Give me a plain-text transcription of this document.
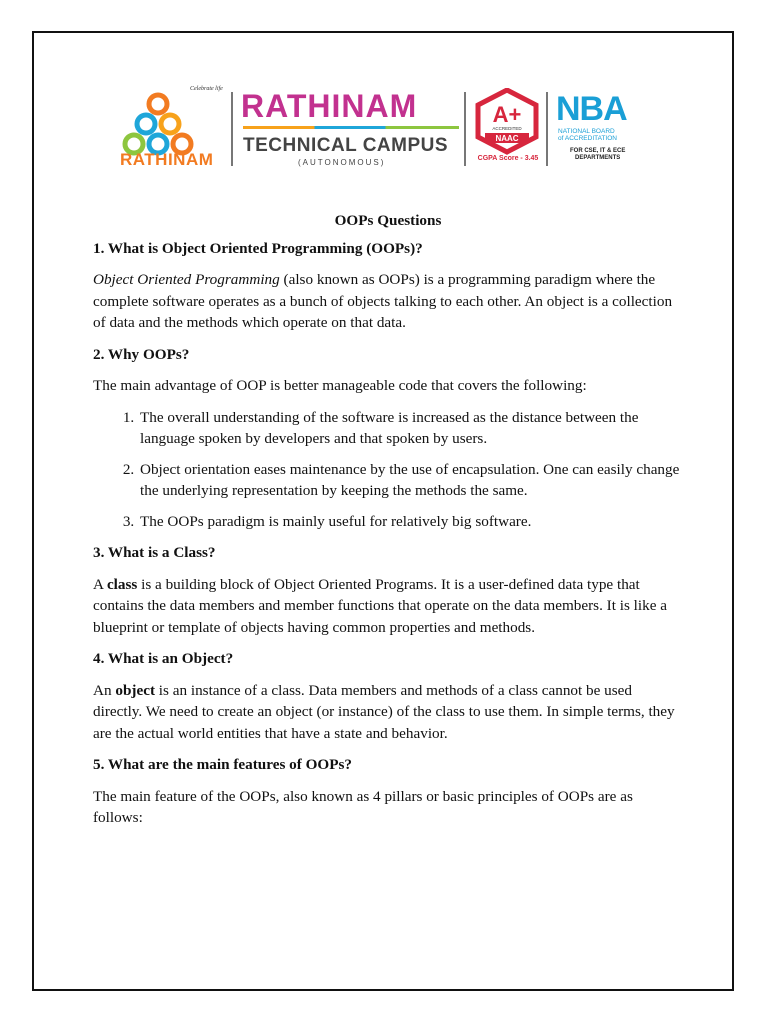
Celebrate life
RATHINAM
RATHINAM
TECHNICAL CAMPUS
(AUTONOMOUS)
A+
ACCREDITED
NAAC
CGPA Score - 3.45
NBA
NATIONAL BOARD
of ACCREDITATION
FOR CSE, IT & ECE
DEPARTMENTS
OOPs Questions
1. What is Object Oriented Programming (OOPs)?

Object Oriented Programming (also known as OOPs) is a programming paradigm where the complete software operates as a bunch of objects talking to each other. An object is a collection of data and the methods which operate on that data.

2. Why OOPs?

The main advantage of OOP is better manageable code that covers the following:

1. The overall understanding of the software is increased as the distance between the language spoken by developers and that spoken by users.
2. Object orientation eases maintenance by the use of encapsulation. One can easily change the underlying representation by keeping the methods the same.
3. The OOPs paradigm is mainly useful for relatively big software.
3. What is a Class?

A class is a building block of Object Oriented Programs. It is a user-defined data type that contains the data members and member functions that operate on the data members. It is like a blueprint or template of objects having common properties and methods.

4. What is an Object?

An object is an instance of a class. Data members and methods of a class cannot be used directly. We need to create an object (or instance) of the class to use them. In simple terms, they are the actual world entities that have a state and behavior.

5. What are the main features of OOPs?

The main feature of the OOPs, also known as 4 pillars or basic principles of OOPs are as follows:
